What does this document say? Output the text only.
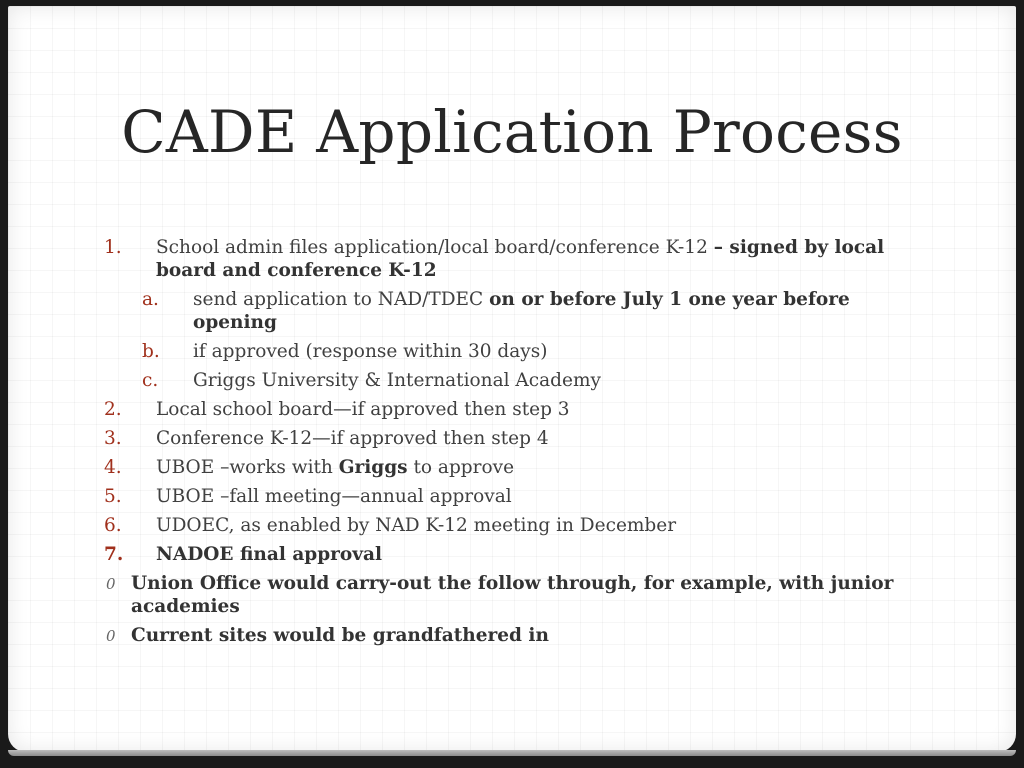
CADE Application Process
1. School admin files application/local board/conference K-12 – signed by local board and conference K-12
a. send application to NAD/TDEC on or before July 1 one year before opening
b. if approved (response within 30 days)
c. Griggs University & International Academy
2. Local school board—if approved then step 3
3. Conference K-12—if approved then step 4
4. UBOE –works with Griggs to approve
5. UBOE –fall meeting—annual approval
6. UDOEC, as enabled by NAD K-12 meeting in December
7. NADOE final approval
0 Union Office would carry-out the follow through, for example, with junior academies
0 Current sites would be grandfathered in
